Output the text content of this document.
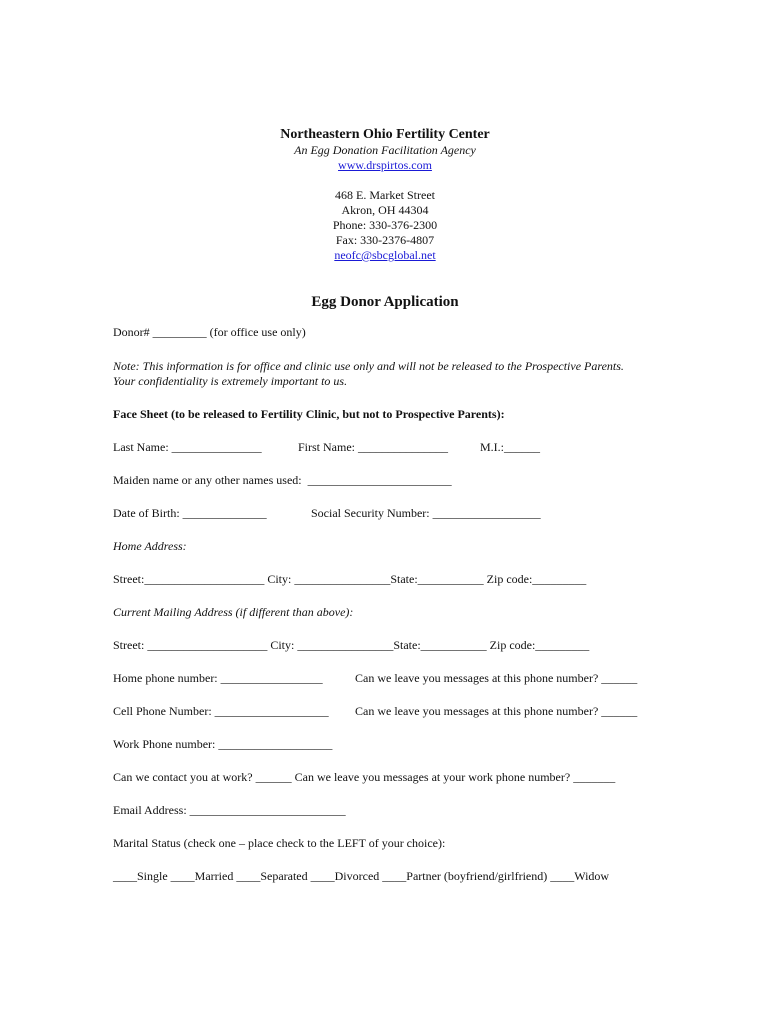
Northeastern Ohio Fertility Center
An Egg Donation Facilitation Agency
www.drspirtos.com
468 E. Market Street
Akron, OH 44304
Phone: 330-376-2300
Fax: 330-2376-4807
neofc@sbcglobal.net
Egg Donor Application
Donor# _________ (for office use only)
Note: This information is for office and clinic use only and will not be released to the Prospective Parents.
Your confidentiality is extremely important to us.
Face Sheet (to be released to Fertility Clinic, but not to Prospective Parents):
Last Name: _______________	First Name: _______________	M.I.:______
Maiden name or any other names used:  ________________________
Date of Birth: ______________	Social Security Number: __________________
Home Address:
Street:____________________ City: ________________State:___________ Zip code:_________
Current Mailing Address (if different than above):
Street: ____________________ City: ________________State:___________ Zip code:_________
Home phone number: _________________	Can we leave you messages at this phone number? ______
Cell Phone Number: ___________________ Can we leave you messages at this phone number? ______
Work Phone number: ___________________
Can we contact you at work? ______ Can we leave you messages at your work phone number? _______
Email Address: __________________________
Marital Status (check one – place check to the LEFT of your choice):
____Single ____Married ____Separated ____Divorced ____Partner (boyfriend/girlfriend) ____Widow
